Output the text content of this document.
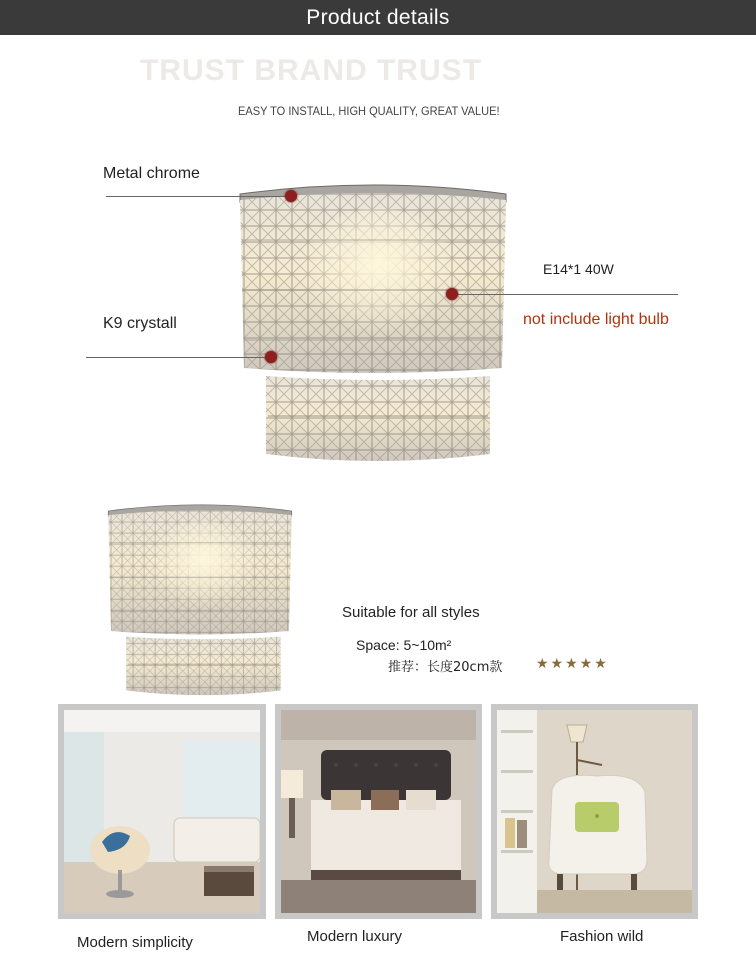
Product details
TRUST BRAND TRUST
EASY TO INSTALL, HIGH QUALITY, GREAT VALUE!
Metal chrome
K9 crystall
E14*1 40W
not include light bulb
Suitable for all styles
Space: 5~10m²
推荐：长度20cm款 ★★★★★
Modern simplicity	Modern luxury	Fashion wild
